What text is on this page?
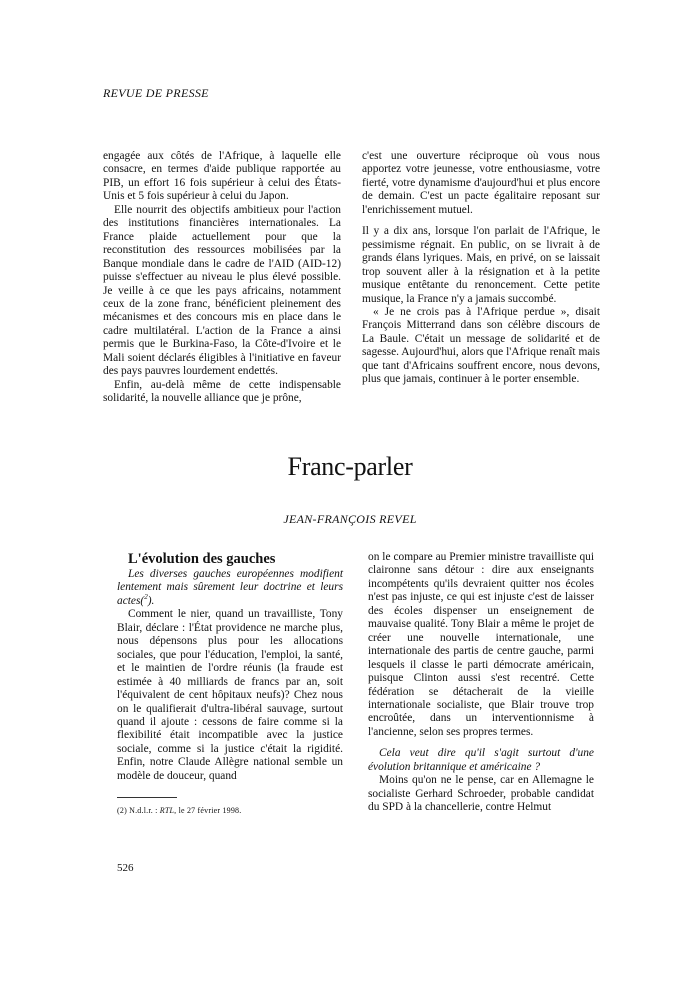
REVUE DE PRESSE

engagée aux côtés de l'Afrique, à laquelle elle consacre, en termes d'aide publique rapportée au PIB, un effort 16 fois supérieur à celui des États-Unis et 5 fois supérieur à celui du Japon.

Elle nourrit des objectifs ambitieux pour l'action des institutions financières internationales. La France plaide actuellement pour que la reconstitution des ressources mobilisées par la Banque mondiale dans le cadre de l'AID (AID-12) puisse s'effectuer au niveau le plus élevé possible. Je veille à ce que les pays africains, notamment ceux de la zone franc, bénéficient pleinement des mécanismes et des concours mis en place dans le cadre multilatéral. L'action de la France a ainsi permis que le Burkina-Faso, la Côte-d'Ivoire et le Mali soient déclarés éligibles à l'initiative en faveur des pays pauvres lourdement endettés.

Enfin, au-delà même de cette indispensable solidarité, la nouvelle alliance que je prône,

c'est une ouverture réciproque où vous nous apportez votre jeunesse, votre enthousiasme, votre fierté, votre dynamisme d'aujourd'hui et plus encore de demain. C'est un pacte égalitaire reposant sur l'enrichissement mutuel.

Il y a dix ans, lorsque l'on parlait de l'Afrique, le pessimisme régnait. En public, on se livrait à de grands élans lyriques. Mais, en privé, on se laissait trop souvent aller à la résignation et à la petite musique entêtante du renoncement. Cette petite musique, la France n'y a jamais succombé.

« Je ne crois pas à l'Afrique perdue », disait François Mitterrand dans son célèbre discours de La Baule. C'était un message de solidarité et de sagesse. Aujourd'hui, alors que l'Afrique renaît mais que tant d'Africains souffrent encore, nous devons, plus que jamais, continuer à le porter ensemble.

Franc-parler
JEAN-FRANÇOIS REVEL

L'évolution des gauches

Les diverses gauches européennes modifient lentement mais sûrement leur doctrine et leurs actes($^2$).

Comment le nier, quand un travailliste, Tony Blair, déclare : l'État providence ne marche plus, nous dépensons plus pour les allocations sociales, que pour l'éducation, l'emploi, la santé, et le maintien de l'ordre réunis (la fraude est estimée à 40 milliards de francs par an, soit l'équivalent de cent hôpitaux neufs)? Chez nous on le qualifierait d'ultra-libéral sauvage, surtout quand il ajoute : cessons de faire comme si la flexibilité était incompatible avec la justice sociale, comme si la justice c'était la rigidité. Enfin, notre Claude Allègre national semble un modèle de douceur, quand

on le compare au Premier ministre travailliste qui claironne sans détour : dire aux enseignants incompétents qu'ils devraient quitter nos écoles n'est pas injuste, ce qui est injuste c'est de laisser des écoles dispenser un enseignement de mauvaise qualité. Tony Blair a même le projet de créer une nouvelle internationale, une internationale des partis de centre gauche, parmi lesquels il classe le parti démocrate américain, puisque Clinton aussi s'est recentré. Cette fédération se détacherait de la vieille internationale socialiste, que Blair trouve trop encroûtée, dans un interventionnisme à l'ancienne, selon ses propres termes.

Cela veut dire qu'il s'agit surtout d'une évolution britannique et américaine ?

Moins qu'on ne le pense, car en Allemagne le socialiste Gerhard Schroeder, probable candidat du SPD à la chancellerie, contre Helmut

(2) N.d.l.r. : RTL, le 27 février 1998.
526
